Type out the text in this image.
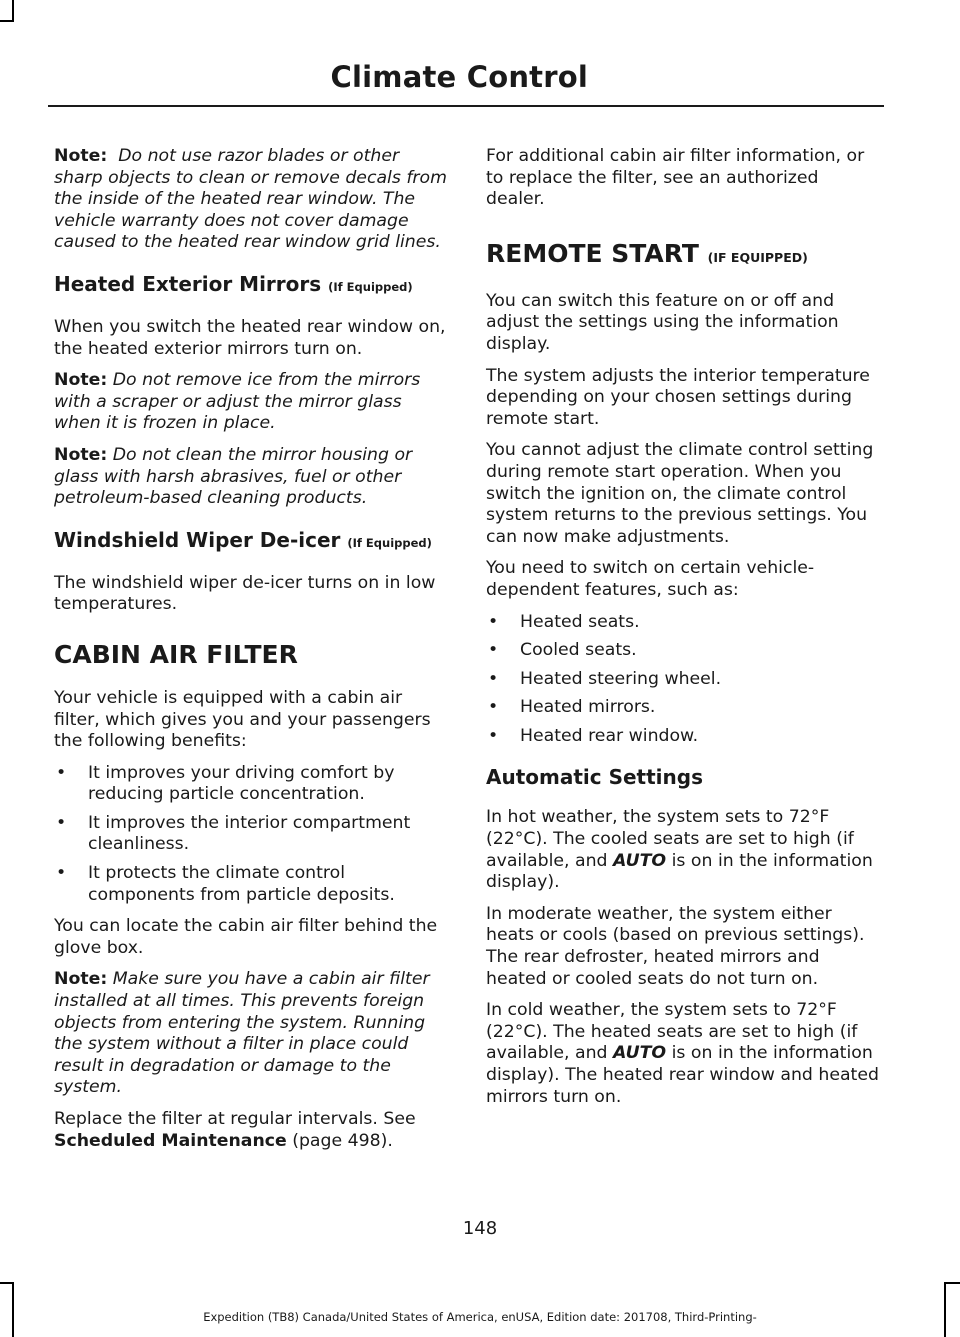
Climate Control

Note: Do not use razor blades or other sharp objects to clean or remove decals from the inside of the heated rear window. The vehicle warranty does not cover damage caused to the heated rear window grid lines.

Heated Exterior Mirrors (If Equipped)

When you switch the heated rear window on, the heated exterior mirrors turn on.

Note: Do not remove ice from the mirrors with a scraper or adjust the mirror glass when it is frozen in place.

Note: Do not clean the mirror housing or glass with harsh abrasives, fuel or other petroleum-based cleaning products.

Windshield Wiper De-icer (If Equipped)

The windshield wiper de-icer turns on in low temperatures.

CABIN AIR FILTER

Your vehicle is equipped with a cabin air filter, which gives you and your passengers the following benefits:

• It improves your driving comfort by reducing particle concentration.
• It improves the interior compartment cleanliness.
• It protects the climate control components from particle deposits.

You can locate the cabin air filter behind the glove box.

Note: Make sure you have a cabin air filter installed at all times. This prevents foreign objects from entering the system. Running the system without a filter in place could result in degradation or damage to the system.

Replace the filter at regular intervals. See Scheduled Maintenance (page 498).

For additional cabin air filter information, or to replace the filter, see an authorized dealer.

REMOTE START (IF EQUIPPED)

You can switch this feature on or off and adjust the settings using the information display.

The system adjusts the interior temperature depending on your chosen settings during remote start.

You cannot adjust the climate control setting during remote start operation. When you switch the ignition on, the climate control system returns to the previous settings. You can now make adjustments.

You need to switch on certain vehicle-dependent features, such as:

• Heated seats.
• Cooled seats.
• Heated steering wheel.
• Heated mirrors.
• Heated rear window.
Automatic Settings

In hot weather, the system sets to 72°F (22°C). The cooled seats are set to high (if available, and AUTO is on in the information display).

In moderate weather, the system either heats or cools (based on previous settings). The rear defroster, heated mirrors and heated or cooled seats do not turn on.

In cold weather, the system sets to 72°F (22°C). The heated seats are set to high (if available, and AUTO is on in the information display). The heated rear window and heated mirrors turn on.

148
Expedition (TB8) Canada/United States of America, enUSA, Edition date: 201708, Third-Printing-
